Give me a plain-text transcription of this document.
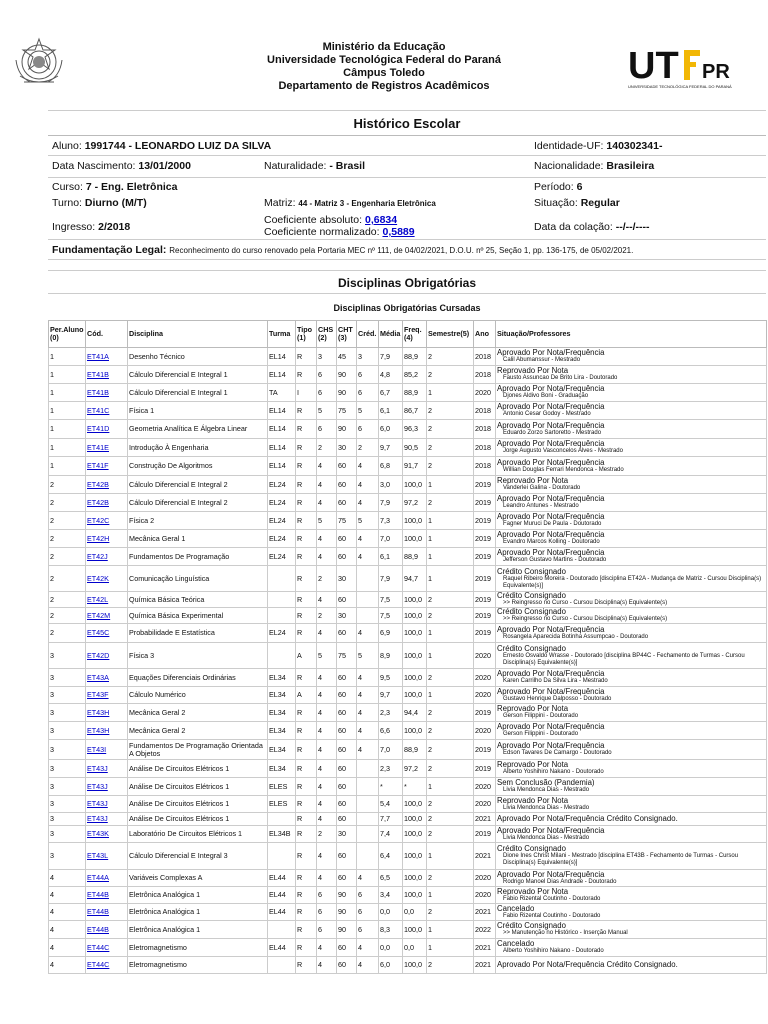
Ministério da Educação
Universidade Tecnológica Federal do Paraná
Câmpus Toledo
Departamento de Registros Acadêmicos	UT PR
UNIVERSIDADE TECNOLÓGICA FEDERAL DO PARANÁ
Histórico Escolar
Aluno: 1991744 - LEONARDO LUIZ DA SILVA	Identidade-UF: 140302341-
Data Nascimento: 13/01/2000	Naturalidade: - Brasil	Nacionalidade: Brasileira
Curso: 7 - Eng. Eletrônica	Período: 6
Turno: Diurno (M/T)	Matriz: 44 - Matriz 3 - Engenharia Eletrônica	Situação: Regular
Ingresso: 2/2018
Coeficiente absoluto: 0,6834
Coeficiente normalizado: 0,5889	Data da colação: --/--/----
Fundamentação Legal: Reconhecimento do curso renovado pela Portaria MEC nº 111, de 04/02/2021, D.O.U. nº 25, Seção 1, pp. 136-175, de 05/02/2021.
Disciplinas Obrigatórias
Disciplinas Obrigatórias Cursadas
Per.Aluno (0)	Cód.	Disciplina	Turma	Tipo (1)	CHS (2)	CHT (3)	Créd.	Média	Freq. (4)	Semestre(5)	Ano	Situação/Professores
1	ET41A	Desenho Técnico	EL14	R	3	45	3	7,9	88,9	2	2018	Aprovado Por Nota/Frequência
Calil Abumanssur - Mestrado

1	ET41B	Cálculo Diferencial E Integral 1	EL14	R	6	90	6	4,8	85,2	2	2018	Reprovado Por Nota
Fausto Assuncao De Brito Lira - Doutorado

1	ET41B	Cálculo Diferencial E Integral 1	TA	I	6	90	6	6,7	88,9	1	2020	Aprovado Por Nota/Frequência
Djones Aldivo Boni - Graduação

1	ET41C	Física 1	EL14	R	5	75	5	6,1	86,7	2	2018	Aprovado Por Nota/Frequência
Antonio Cesar Godoy - Mestrado

1	ET41D	Geometria Analítica E Álgebra Linear	EL14	R	6	90	6	6,0	96,3	2	2018	Aprovado Por Nota/Frequência
Eduardo Zorzo Sartoretto - Mestrado

1	ET41E	Introdução À Engenharia	EL14	R	2	30	2	9,7	90,5	2	2018	Aprovado Por Nota/Frequência
Jorge Augusto Vasconcelos Alves - Mestrado

1	ET41F	Construção De Algoritmos	EL14	R	4	60	4	6,8	91,7	2	2018	Aprovado Por Nota/Frequência
Willian Douglas Ferrari Mendonca - Mestrado

2	ET42B	Cálculo Diferencial E Integral 2	EL24	R	4	60	4	3,0	100,0	1	2019	Reprovado Por Nota
Vanderlei Galina - Doutorado

2	ET42B	Cálculo Diferencial E Integral 2	EL24	R	4	60	4	7,9	97,2	2	2019	Aprovado Por Nota/Frequência
Leandro Antunes - Mestrado

2	ET42C	Física 2	EL24	R	5	75	5	7,3	100,0	1	2019	Aprovado Por Nota/Frequência
Fagner Muruci De Paula - Doutorado

2	ET42H	Mecânica Geral 1	EL24	R	4	60	4	7,0	100,0	1	2019	Aprovado Por Nota/Frequência
Evandro Marcos Kolling - Doutorado

2	ET42J	Fundamentos De Programação	EL24	R	4	60	4	6,1	88,9	1	2019	Aprovado Por Nota/Frequência
Jefferson Gustavo Martins - Doutorado

2	ET42K	Comunicação Linguística		R	2	30		7,9	94,7	1	2019	Crédito Consignado
Raquel Ribeiro Moreira - Doutorado [disciplina ET42A - Mudança de Matriz - Cursou Disciplina(s) Equivalente(s)]

2	ET42L	Química Básica Teórica		R	4	60		7,5	100,0	2	2019	Crédito Consignado
>> Reingresso no Curso - Cursou Disciplina(s) Equivalente(s)

2	ET42M	Química Básica Experimental		R	2	30		7,5	100,0	2	2019	Crédito Consignado
>> Reingresso no Curso - Cursou Disciplina(s) Equivalente(s)

2	ET45C	Probabilidade E Estatística	EL24	R	4	60	4	6,9	100,0	1	2019	Aprovado Por Nota/Frequência
Rosangela Aparecida Botinha Assumpcao - Doutorado

3	ET42D	Física 3		A	5	75	5	8,9	100,0	1	2020	Crédito Consignado
Ernesto Osvaldo Wrasse - Doutorado [disciplina BP44C - Fechamento de Turmas - Cursou Disciplina(s) Equivalente(s)]

3	ET43A	Equações Diferenciais Ordinárias	EL34	R	4	60	4	9,5	100,0	2	2020	Aprovado Por Nota/Frequência
Karen Carrilho Da Silva Lira - Mestrado

3	ET43F	Cálculo Numérico	EL34	A	4	60	4	9,7	100,0	1	2020	Aprovado Por Nota/Frequência
Gustavo Henrique Dalposso - Doutorado

3	ET43H	Mecânica Geral 2	EL34	R	4	60	4	2,3	94,4	2	2019	Reprovado Por Nota
Gerson Filippini - Doutorado

3	ET43H	Mecânica Geral 2	EL34	R	4	60	4	6,6	100,0	2	2020	Aprovado Por Nota/Frequência
Gerson Filippini - Doutorado

3	ET43I	Fundamentos De Programação Orientada A Objetos	EL34	R	4	60	4	7,0	88,9	2	2019	Aprovado Por Nota/Frequência
Edson Tavares De Camargo - Doutorado

3	ET43J	Análise De Circuitos Elétricos 1	EL34	R	4	60		2,3	97,2	2	2019	Reprovado Por Nota
Alberto Yoshihiro Nakano - Doutorado

3	ET43J	Análise De Circuitos Elétricos 1	ELES	R	4	60		*	*	1	2020	Sem Conclusão (Pandemia)
Livia Mendonca Dias - Mestrado

3	ET43J	Análise De Circuitos Elétricos 1	ELES	R	4	60		5,4	100,0	2	2020	Reprovado Por Nota
Livia Mendonca Dias - Mestrado

3	ET43J	Análise De Circuitos Elétricos 1		R	4	60		7,7	100,0	2	2021	Aprovado Por Nota/Frequência Crédito Consignado.

3	ET43K	Laboratório De Circuitos Elétricos 1	EL34B	R	2	30		7,4	100,0	2	2019	Aprovado Por Nota/Frequência
Livia Mendonca Dias - Mestrado

3	ET43L	Cálculo Diferencial E Integral 3		R	4	60		6,4	100,0	1	2021	Crédito Consignado
Dione Ines Christ Milani - Mestrado [disciplina ET43B - Fechamento de Turmas - Cursou Disciplina(s) Equivalente(s)]

4	ET44A	Variáveis Complexas A	EL44	R	4	60	4	6,5	100,0	2	2020	Aprovado Por Nota/Frequência
Rodrigo Manoel Dias Andrade - Doutorado

4	ET44B	Eletrônica Analógica 1	EL44	R	6	90	6	3,4	100,0	1	2020	Reprovado Por Nota
Fabio Rizental Coutinho - Doutorado

4	ET44B	Eletrônica Analógica 1	EL44	R	6	90	6	0,0	0,0	2	2021	Cancelado
Fabio Rizental Coutinho - Doutorado

4	ET44B	Eletrônica Analógica 1		R	6	90	6	8,3	100,0	1	2022	Crédito Consignado
>> Manutenção no Histórico - Inserção Manual

4	ET44C	Eletromagnetismo	EL44	R	4	60	4	0,0	0,0	1	2021	Cancelado
Alberto Yoshihiro Nakano - Doutorado

4	ET44C	Eletromagnetismo		R	4	60	4	6,0	100,0	2	2021	Aprovado Por Nota/Frequência Crédito Consignado.
